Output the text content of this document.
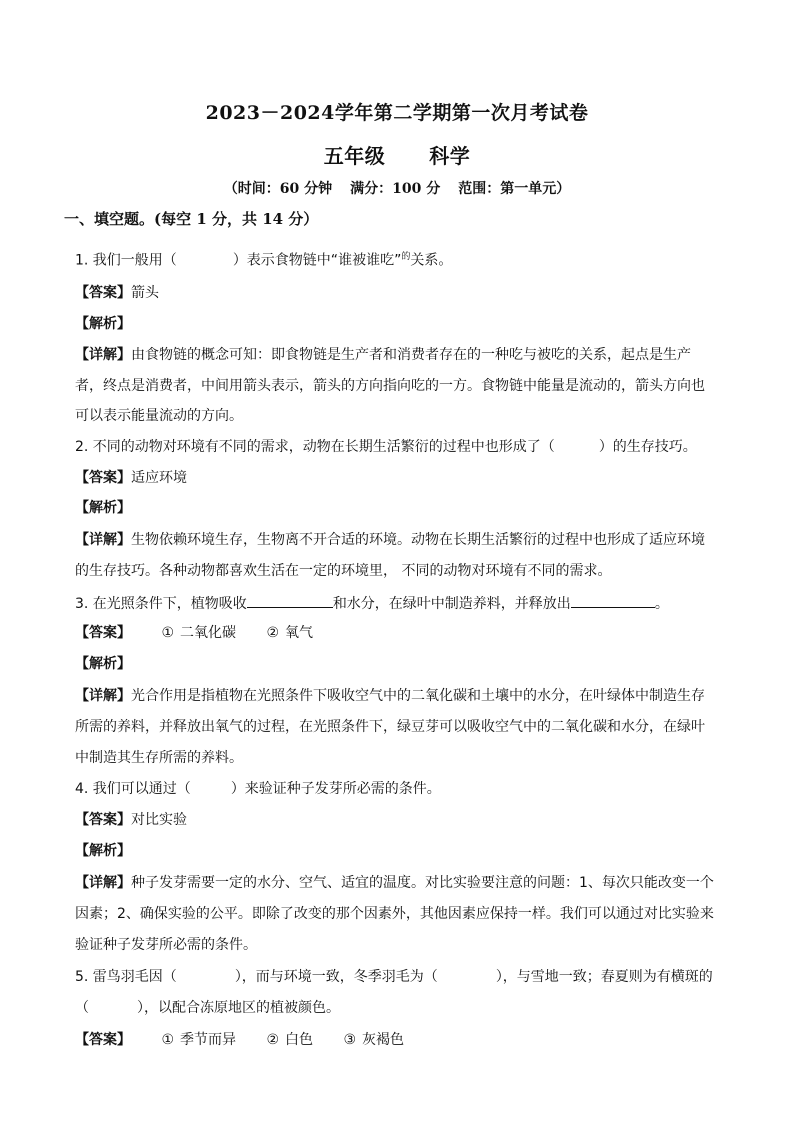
2023－2024学年第二学期第一次月考试卷
五年级 科学
（时间：60 分钟 满分：100 分 范围：第一单元）
一、填空题。(每空 1 分，共 14 分）
1. 我们一般用（	）表示食物链中“谁被谁吃”$^的$关系。
【答案】箭头
【解析】
【详解】由食物链的概念可知：即食物链是生产者和消费者存在的一种吃与被吃的关系，起点是生产
者，终点是消费者，中间用箭头表示，箭头的方向指向吃的一方。食物链中能量是流动的，箭头方向也
可以表示能量流动的方向。
2. 不同的动物对环境有不同的需求，动物在长期生活繁衍的过程中也形成了（	）的生存技巧。
【答案】适应环境
【解析】
【详解】生物依赖环境生存，生物离不开合适的环境。动物在长期生活繁衍的过程中也形成了适应环境
的生存技巧。各种动物都喜欢生活在一定的环境里， 不同的动物对环境有不同的需求。
3. 在光照条件下，植物吸收	和水分，在绿叶中制造养料，并释放出	。
【答案】 ① 二氧化碳 ② 氧气
【解析】
【详解】光合作用是指植物在光照条件下吸收空气中的二氧化碳和土壤中的水分，在叶绿体中制造生存
所需的养料，并释放出氧气的过程，在光照条件下，绿豆芽可以吸收空气中的二氧化碳和水分，在绿叶
中制造其生存所需的养料。
4. 我们可以通过（	）来验证种子发芽所必需的条件。
【答案】对比实验
【解析】
【详解】种子发芽需要一定的水分、空气、适宜的温度。对比实验要注意的问题：1、每次只能改变一个
因素；2、确保实验的公平。即除了改变的那个因素外，其他因素应保持一样。我们可以通过对比实验来
验证种子发芽所必需的条件。
5. 雷鸟羽毛因（	），而与环境一致，冬季羽毛为（	），与雪地一致；春夏则为有横斑的
（	），以配合冻原地区的植被颜色。
【答案】 ① 季节而异 ② 白色 ③ 灰褐色
